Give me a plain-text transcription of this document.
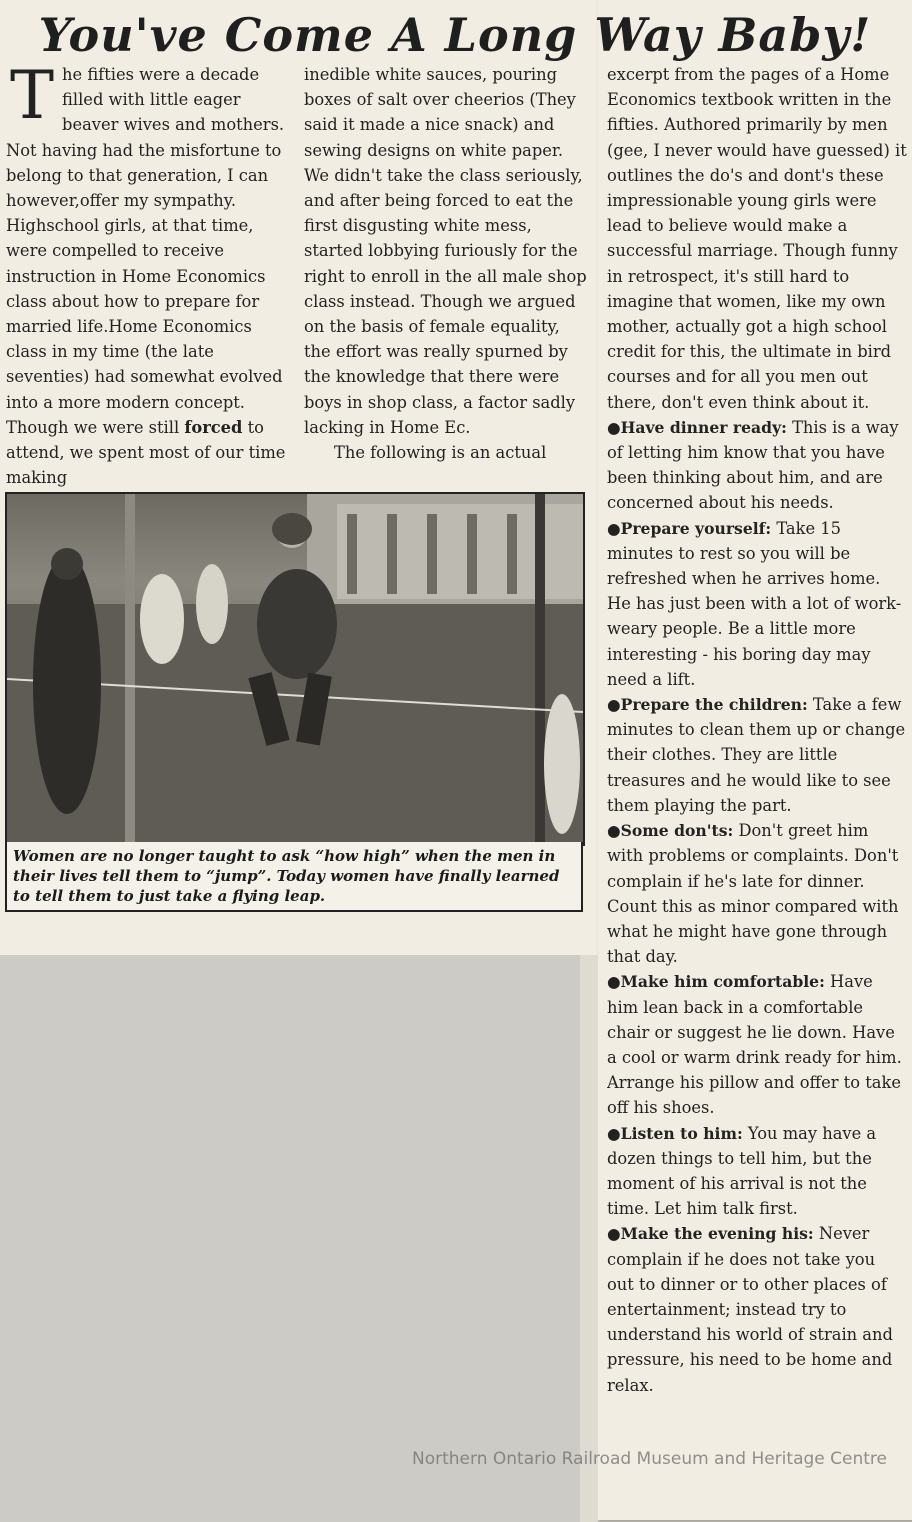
You've Come A Long Way Baby!

The fifties were a decade filled with little eager beaver wives and mothers. Not having had the misfortune to belong to that generation, I can however,offer my sympathy. Highschool girls, at that time, were compelled to receive instruction in Home Economics class about how to prepare for married life.Home Economics class in my time (the late seventies) had somewhat evolved into a more modern concept. Though we were still forced to attend, we spent most of our time making

inedible white sauces, pouring boxes of salt over cheerios (They said it made a nice snack) and sewing designs on white paper. We didn't take the class seriously, and after being forced to eat the first disgusting white mess, started lobbying furiously for the right to enroll in the all male shop class instead. Though we argued on the basis of female equality, the effort was really spurned by the knowledge that there were boys in shop class, a factor sadly lacking in Home Ec.

The following is an actual

Women are no longer taught to ask “how high” when the men in their lives tell them to “jump”. Today women have finally learned to tell them to just take a flying leap.

excerpt from the pages of a Home Economics textbook written in the fifties. Authored primarily by men (gee, I never would have guessed) it outlines the do's and dont's these impressionable young girls were lead to believe would make a successful marriage. Though funny in retrospect, it's still hard to imagine that women, like my own mother, actually got a high school credit for this, the ultimate in bird courses and for all you men out there, don't even think about it.

●Have dinner ready: This is a way of letting him know that you have been thinking about him, and are concerned about his needs.

●Prepare yourself: Take 15 minutes to rest so you will be refreshed when he arrives home. He has just been with a lot of work-weary people. Be a little more interesting - his boring day may need a lift.

●Prepare the children: Take a few minutes to clean them up or change their clothes. They are little treasures and he would like to see them playing the part.

●Some don'ts: Don't greet him with problems or complaints. Don't complain if he's late for dinner. Count this as minor compared with what he might have gone through that day.

●Make him comfortable: Have him lean back in a comfortable chair or suggest he lie down. Have a cool or warm drink ready for him. Arrange his pillow and offer to take off his shoes.

●Listen to him: You may have a dozen things to tell him, but the moment of his arrival is not the time. Let him talk first.

●Make the evening his: Never complain if he does not take you out to dinner or to other places of entertainment; instead try to understand his world of strain and pressure, his need to be home and relax.

Northern Ontario Railroad Museum and Heritage Centre
